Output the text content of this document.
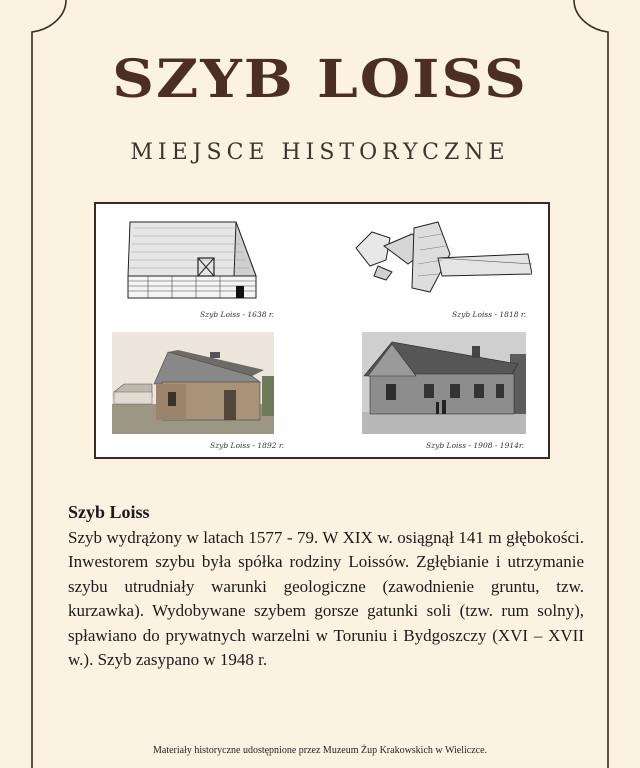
SZYB LOISS
MIEJSCE HISTORYCZNE
Szyb Loiss - 1638 r.	Szyb Loiss - 1818 r.
Szyb Loiss - 1892 r.	Szyb Loiss - 1908 - 1914r.
Szyb Loiss
Szyb wydrążony w latach 1577 - 79. W XIX w. osiągnął 141 m głębokości. Inwestorem szybu była spółka rodziny Loissów. Zgłębianie i utrzymanie szybu utrudniały warunki geologiczne (zawodnienie gruntu, tzw. kurzawka). Wydobywane szybem gorsze gatunki soli (tzw. rum solny), spławiano do prywatnych warzelni w Toruniu i Bydgoszczy (XVI – XVII w.). Szyb zasypano w 1948 r.
Materiały historyczne udostępnione przez Muzeum Żup Krakowskich w Wieliczce.
